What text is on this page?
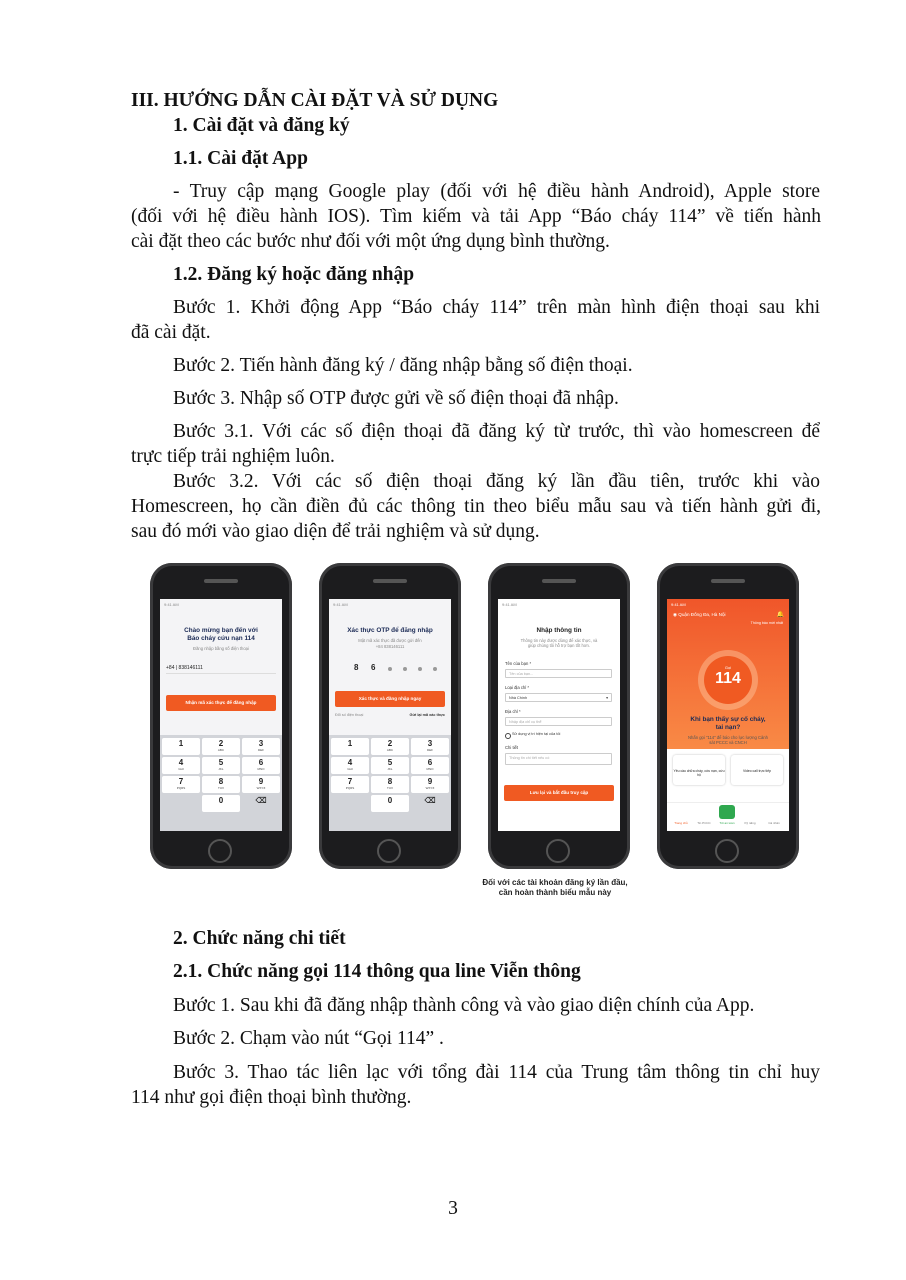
III. HƯỚNG DẪN CÀI ĐẶT VÀ SỬ DỤNG
1. Cài đặt và đăng ký
1.1. Cài đặt App
- Truy cập mạng Google play (đối với hệ điều hành Android), Apple store
(đối với hệ điều hành IOS). Tìm kiếm và tải App “Báo cháy 114” về tiến hành
cài đặt theo các bước như đối với một ứng dụng bình thường.
1.2. Đăng ký hoặc đăng nhập
Bước 1. Khởi động App “Báo cháy 114” trên màn hình điện thoại sau khi
đã cài đặt.
Bước 2. Tiến hành đăng ký / đăng nhập bằng số điện thoại.
Bước 3. Nhập số OTP được gửi về số điện thoại đã nhập.
Bước 3.1. Với các số điện thoại đã đăng ký từ trước, thì vào homescreen để
trực tiếp trải nghiệm luôn.
Bước 3.2. Với các số điện thoại đăng ký lần đầu tiên, trước khi vào
Homescreen, họ cần điền đủ các thông tin theo biểu mẫu sau và tiến hành gửi đi,
sau đó mới vào giao diện để trải nghiệm và sử dụng.
9:41 AM
Chào mừng bạn đến với
Báo cháy cứu nạn 114
Đăng nhập bằng số điện thoại
+84 | 838146111
Nhận mã xác thực để đăng nhập
1	2
ABC
3
DEF
4
GHI
5
JKL
6
MNO
7
PQRS
8
TUV
9
WXYZ
0	⌫
9:41 AM
Xác thực OTP để đăng nhập
Mật mã xác thực đã được gửi đến
+84 838146111
8 6
Xác thực và đăng nhập ngay
Đổi số điện thoại	Gửi lại mã xác thực
1	2
ABC
3
DEF
4
GHI
5
JKL
6
MNO
7
PQRS
8
TUV
9
WXYZ
0	⌫
9:41 AM
Nhập thông tin
Thông tin này được dùng để xác thực, và
giúp chúng tôi hỗ trợ bạn tốt hơn.
Tên của bạn *
Tên của bạn...
Loại địa chỉ *
Nhà Chính	▾
Địa chỉ *
Nhập địa chỉ cụ thể
Sử dụng vị trí hiện tại của tôi
Chi tiết
Thông tin chi tiết nếu có
Lưu lại và bắt đầu truy cập
9:41 AM
◉ Quận Đống Đa, Hà Nội	🔔
Thông báo mới nhất
Gọi
114
Khi bạn thấy sự cố cháy,
tai nạn?
Nhấn gọi "114" để báo cho lực lượng Cảnh
sát PCCC và CNCH
Yêu cầu chữa cháy, cứu nạn, cứu hộ
Video call trực tiếp
Trang chủ	Tin PCCC	Tôi an toàn	Kỹ năng	Cá nhân
Đối với các tài khoản đăng ký lần đầu,
cần hoàn thành biểu mẫu này
2. Chức năng chi tiết
2.1. Chức năng gọi 114 thông qua line Viễn thông
Bước 1. Sau khi đã đăng nhập thành công và vào giao diện chính của App.
Bước 2. Chạm vào nút “Gọi 114” .
Bước 3. Thao tác liên lạc với tổng đài 114 của Trung tâm thông tin chỉ huy
114 như gọi điện thoại bình thường.
3
